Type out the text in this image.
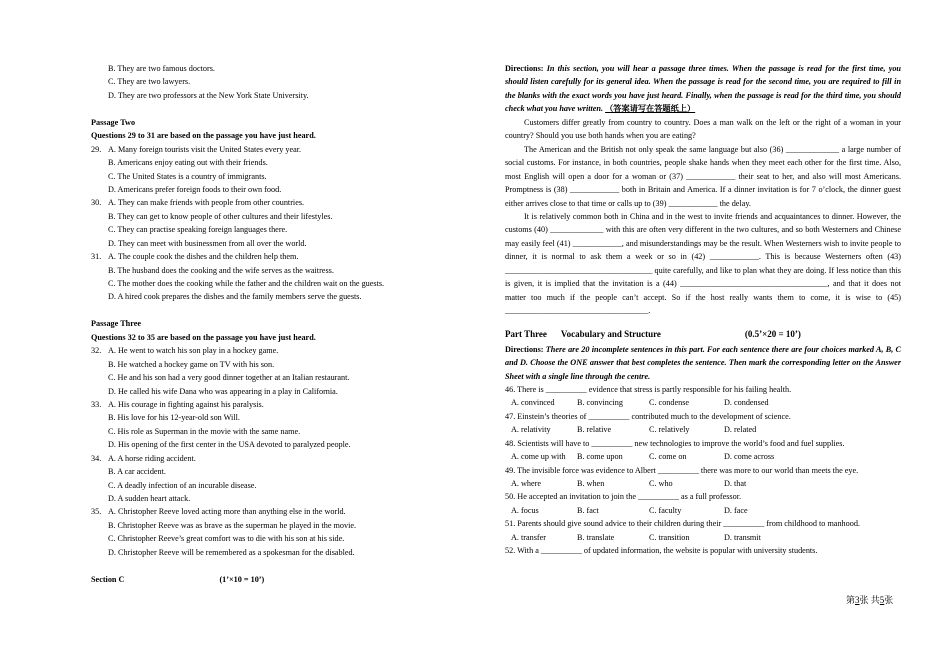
B. They are two famous doctors.
C. They are two lawyers.
D. They are two professors at the New York State University.
Passage Two
Questions 29 to 31 are based on the passage you have just heard.
29. A. Many foreign tourists visit the United States every year.
B. Americans enjoy eating out with their friends.
C. The United States is a country of immigrants.
D. Americans prefer foreign foods to their own food.
30. A. They can make friends with people from other countries.
B. They can get to know people of other cultures and their lifestyles.
C. They can practise speaking foreign languages there.
D. They can meet with businessmen from all over the world.
31. A. The couple cook the dishes and the children help them.
B. The husband does the cooking and the wife serves as the waitress.
C. The mother does the cooking while the father and the children wait on the guests.
D. A hired cook prepares the dishes and the family members serve the guests.
Passage Three
Questions 32 to 35 are based on the passage you have just heard.
32. A. He went to watch his son play in a hockey game.
B. He watched a hockey game on TV with his son.
C. He and his son had a very good dinner together at an Italian restaurant.
D. He called his wife Dana who was appearing in a play in California.
33. A. His courage in fighting against his paralysis.
B. His love for his 12-year-old son Will.
C. His role as Superman in the movie with the same name.
D. His opening of the first center in the USA devoted to paralyzed people.
34. A. A horse riding accident.
B. A car accident.
C. A deadly infection of an incurable disease.
D. A sudden heart attack.
35. A. Christopher Reeve loved acting more than anything else in the world.
B. Christopher Reeve was as brave as the superman he played in the movie.
C. Christopher Reeve’s great comfort was to die with his son at his side.
D. Christopher Reeve will be remembered as a spokesman for the disabled.
Section C	(1’×10 = 10’)

Directions: In this section, you will hear a passage three times. When the passage is read for the first time, you should listen carefully for its general idea. When the passage is read for the second time, you are required to fill in the blanks with the exact words you have just heard. Finally, when the passage is read for the third time, you should check what you have written. （答案请写在答题纸上）

Customers differ greatly from country to country. Does a man walk on the left or the right of a woman in your country? Should you use both hands when you are eating?

The American and the British not only speak the same language but also (36) _____________ a large number of social customs. For instance, in both countries, people shake hands when they meet each other for the first time. Also, most English will open a door for a woman or (37) ____________ their seat to her, and also will most Americans. Promptness is (38) ____________ both in Britain and America. If a dinner invitation is for 7 o’clock, the dinner guest either arrives close to that time or calls up to (39) ____________ the delay.

It is relatively common both in China and in the west to invite friends and acquaintances to dinner. However, the customs (40) _____________ with this are often very different in the two cultures, and so both Westerners and Chinese may easily feel (41) ____________, and misunderstandings may be the result. When Westerners wish to invite people to dinner, it is normal to ask them a week or so in (42) ____________. This is because Westerners often (43) ____________________________________ quite carefully, and like to plan what they are doing. If less notice than this is given, it is implied that the invitation is a (44) ____________________________________, and that it does not matter too much if the people can’t accept. So if the host really wants them to come, it is wise to (45) ___________________________________.

Part Three Vocabulary and Structure	(0.5’×20 = 10’)

Directions: There are 20 incomplete sentences in this part. For each sentence there are four choices marked A, B, C and D. Choose the ONE answer that best completes the sentence. Then mark the corresponding letter on the Answer Sheet with a single line through the centre.

46. There is __________ evidence that stress is partly responsible for his failing health.
A. convinced	B. convincing	C. condense	D. condensed
47. Einstein’s theories of __________ contributed much to the development of science.
A. relativity	B. relative	C. relatively	D. related
48. Scientists will have to __________ new technologies to improve the world’s food and fuel supplies.
A. come up with	B. come upon	C. come on	D. come across
49. The invisible force was evidence to Albert __________ there was more to our world than meets the eye.
A. where	B. when	C. who	D. that
50. He accepted an invitation to join the __________ as a full professor.
A. focus	B. fact	C. faculty	D. face
51. Parents should give sound advice to their children during their __________ from childhood to manhood.
A. transfer	B. translate	C. transition	D. transmit
52. With a __________ of updated information, the website is popular with university students.
第3张 共5张
